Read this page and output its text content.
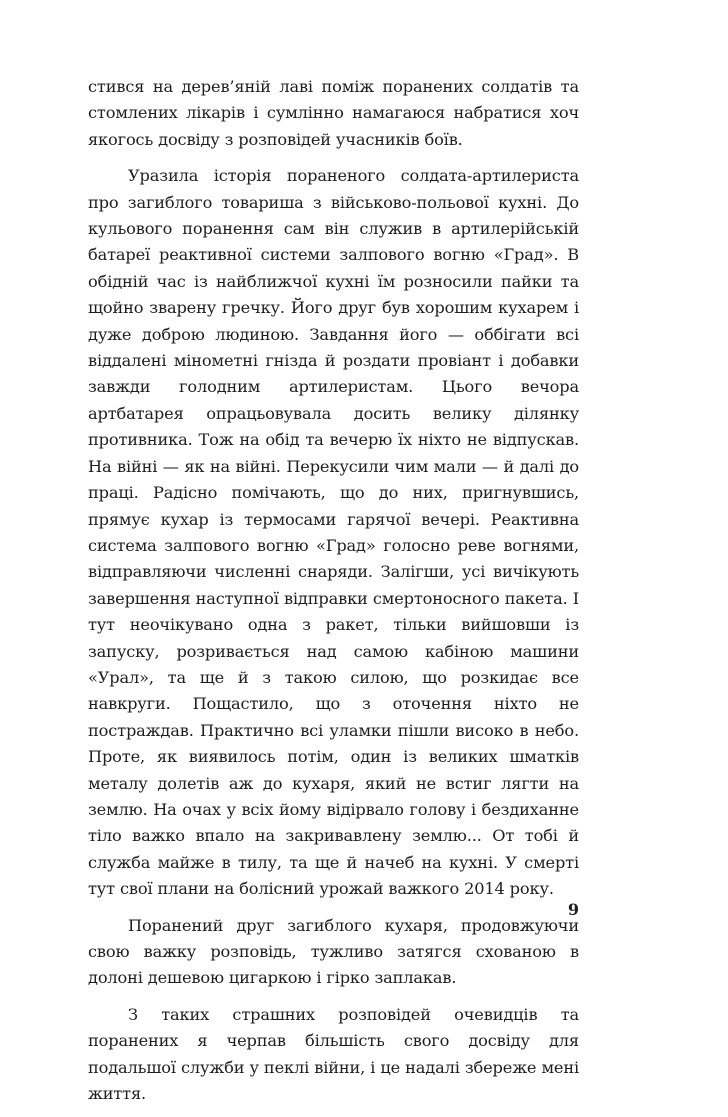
стився на дерев’яній лаві поміж поранених солдатів та стомлених лікарів і сумлінно намагаюся набратися хоч якогось досвіду з розповідей учасників боїв.

Уразила історія пораненого солдата-артилериста про загиблого товариша з військово-польової кухні. До кульового поранення сам він служив в артилерійській батареї реактивної системи залпового вогню «Град». В обідній час із найближчої кухні їм розносили пайки та щойно зварену гречку. Його друг був хорошим кухарем і дуже доброю людиною. Завдання його — оббігати всі віддалені мінометні гнізда й роздати провіант і добавки завжди голодним артилеристам. Цього вечора артбатарея опрацьовувала досить велику ділянку противника. Тож на обід та вечерю їх ніхто не відпускав. На війні — як на війні. Перекусили чим мали — й далі до праці. Радісно помічають, що до них, пригнувшись, прямує кухар із термосами гарячої вечері. Реактивна система залпового вогню «Град» голосно реве вогнями, відправляючи численні снаряди. Залігши, усі вичікують завершення наступної відправки смертоносного пакета. І тут неочікувано одна з ракет, тільки вийшовши із запуску, розривається над самою кабіною машини «Урал», та ще й з такою силою, що розкидає все навкруги. Пощастило, що з оточення ніхто не постраждав. Практично всі уламки пішли високо в небо. Проте, як виявилось потім, один із великих шматків металу долетів аж до кухаря, який не встиг лягти на землю. На очах у всіх йому відірвало голову і бездиханне тіло важко впало на закривавлену землю... От тобі й служба майже в тилу, та ще й начеб на кухні. У смерті тут свої плани на болісний урожай важкого 2014 року.

Поранений друг загиблого кухаря, продовжуючи свою важку розповідь, тужливо затягся схованою в долоні дешевою цигаркою і гірко заплакав.

З таких страшних розповідей очевидців та поранених я черпав більшість свого досвіду для подальшої служби у пеклі війни, і це надалі збереже мені життя.

9
